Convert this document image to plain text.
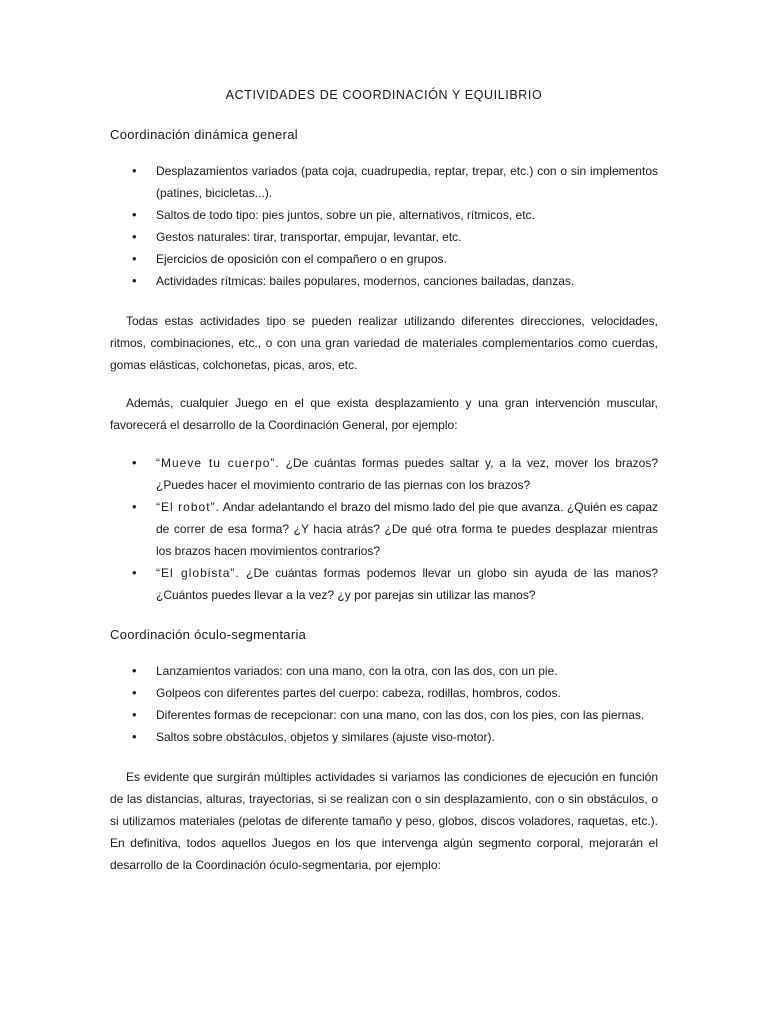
ACTIVIDADES DE COORDINACIÓN Y EQUILIBRIO
Coordinación dinámica general
• Desplazamientos variados (pata coja, cuadrupedia, reptar, trepar, etc.) con o sin implementos (patines, bicicletas...).
• Saltos de todo tipo: pies juntos, sobre un pie, alternativos, rítmicos, etc.
• Gestos naturales: tirar, transportar, empujar, levantar, etc.
• Ejercicios de oposición con el compañero o en grupos.
• Actividades rítmicas: bailes populares, modernos, canciones bailadas, danzas.

Todas estas actividades tipo se pueden realizar utilizando diferentes direcciones, velocidades, ritmos, combinaciones, etc., o con una gran variedad de materiales complementarios como cuerdas, gomas elásticas, colchonetas, picas, aros, etc.

Además, cualquier Juego en el que exista desplazamiento y una gran intervención muscular, favorecerá el desarrollo de la Coordinación General, por ejemplo:

• “Mueve tu cuerpo”. ¿De cuántas formas puedes saltar y, a la vez, mover los brazos? ¿Puedes hacer el movimiento contrario de las piernas con los brazos?
• “El robot”. Andar adelantando el brazo del mismo lado del pie que avanza. ¿Quién es capaz de correr de esa forma? ¿Y hacia atrás? ¿De qué otra forma te puedes desplazar mientras los brazos hacen movimientos contrarios?
• “El globista”. ¿De cuántas formas podemos llevar un globo sin ayuda de las manos? ¿Cuántos puedes llevar a la vez? ¿y por parejas sin utilizar las manos?
Coordinación óculo-segmentaria
• Lanzamientos variados: con una mano, con la otra, con las dos, con un pie.
• Golpeos con diferentes partes del cuerpo: cabeza, rodillas, hombros, codos.
• Diferentes formas de recepcionar: con una mano, con las dos, con los pies, con las piernas.
• Saltos sobre obstáculos, objetos y similares (ajuste viso-motor).

Es evidente que surgirán múltiples actividades si variamos las condiciones de ejecución en función de las distancias, alturas, trayectorias, si se realizan con o sin desplazamiento, con o sin obstáculos, o si utilizamos materiales (pelotas de diferente tamaño y peso, globos, discos voladores, raquetas, etc.). En definitiva, todos aquellos Juegos en los que intervenga algún segmento corporal, mejorarán el desarrollo de la Coordinación óculo-segmentaria, por ejemplo:
